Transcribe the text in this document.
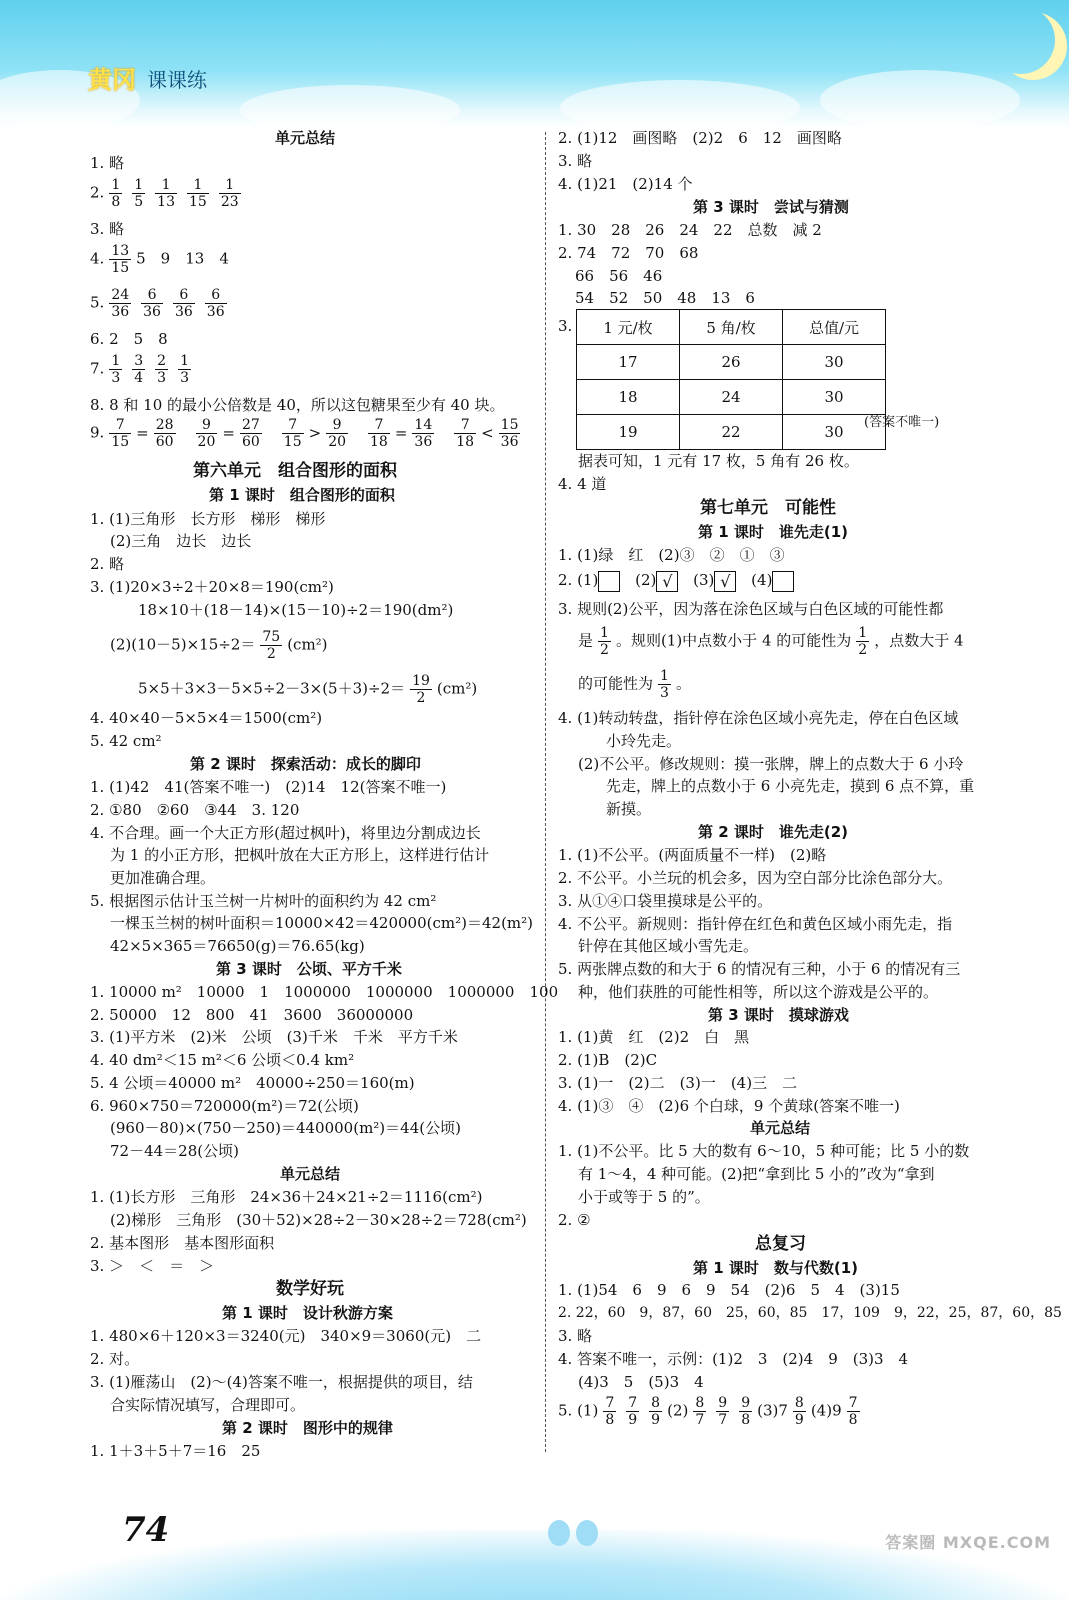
黄冈 课课练
单元总结
1. 略
2. $\frac{1}{8} \frac{1}{5} \frac{1}{13} \frac{1}{15} \frac{1}{23}$
3. 略
4. $\frac{13}{15} 5$　9　13　4
5. $\frac{24}{36} \frac{6}{36} \frac{6}{36} \frac{6}{36}$
6. 2　5　8
7. $\frac{1}{3} \frac{3}{4} \frac{2}{3} \frac{1}{3}$
8. 8 和 10 的最小公倍数是 40，所以这包糖果至少有 40 块。
9. $\frac{7}{15} = \frac{28}{60} \frac{9}{20} = \frac{27}{60} \frac{7}{15} > \frac{9}{20} \frac{7}{18} = \frac{14}{36} \frac{7}{18} < \frac{15}{36}$
第六单元　组合图形的面积
第 1 课时　组合图形的面积
1. (1)三角形　长方形　梯形　梯形
(2)三角　边长　边长
2. 略
3. (1)20×3÷2＋20×8＝190(cm²)
18×10＋(18－14)×(15－10)÷2＝190(dm²)
$(2)(10-5)\times 15\div 2= \frac{75}{2} (cm^2)$
$5\times 5+3\times 3-5\times 5\div 2-3\times(5+3)\div 2= \frac{19}{2} (cm^2)$
4. 40×40－5×5×4＝1500(cm²)
5. 42 cm²
第 2 课时　探索活动：成长的脚印
1. (1)42　41(答案不唯一)　(2)14　12(答案不唯一)
2. ①80　②60　③44　3. 120
4. 不合理。画一个大正方形(超过枫叶)，将里边分割成边长
为 1 的小正方形，把枫叶放在大正方形上，这样进行估计
更加准确合理。
5. 根据图示估计玉兰树一片树叶的面积约为 42 cm²
一棵玉兰树的树叶面积＝10000×42＝420000(cm²)＝42(m²)
42×5×365＝76650(g)＝76.65(kg)
第 3 课时　公顷、平方千米
1. 10000 m²　10000　1　1000000　1000000　1000000　100
2. 50000　12　800　41　3600　36000000
3. (1)平方米　(2)米　公顷　(3)千米　千米　平方千米
4. 40 dm²＜15 m²＜6 公顷＜0.4 km²
5. 4 公顷＝40000 m²　40000÷250＝160(m)
6. 960×750＝720000(m²)＝72(公顷)
(960－80)×(750－250)＝440000(m²)＝44(公顷)
72－44＝28(公顷)
单元总结
1. (1)长方形　三角形　24×36＋24×21÷2＝1116(cm²)
(2)梯形　三角形　(30＋52)×28÷2－30×28÷2＝728(cm²)
2. 基本图形　基本图形面积
3. ＞　＜　＝　＞
数学好玩
第 1 课时　设计秋游方案
1. 480×6＋120×3＝3240(元)　340×9＝3060(元)　二
2. 对。
3. (1)雁荡山　(2)～(4)答案不唯一，根据提供的项目，结
合实际情况填写，合理即可。
第 2 课时　图形中的规律
1. 1＋3＋5＋7＝16　25
2. (1)12　画图略　(2)2　6　12　画图略
3. 略
4. (1)21　(2)14 个
第 3 课时　尝试与猜测
1. 30　28　26　24　22　总数　减 2
2. 74　72　70　68
66　56　46
54　52　50　48　13　6
3. 1 元/枚	5 角/枚	总值/元
17	26	30
18	24	30
19	22	30
(答案不唯一)
据表可知，1 元有 17 枚，5 角有 26 枚。
4. 4 道
第七单元　可能性
第 1 课时　谁先走(1)
1. (1)绿　红　(2)③　②　①　③
2. (1) (2) √ (3) √ (4)
3. 规则(2)公平，因为落在涂色区域与白色区域的可能性都
是 $\frac{1}{2}$ 。规则(1)中点数小于 4 的可能性为 $\frac{1}{2}$ ，点数大于 4
的可能性为 $\frac{1}{3}$ 。
4. (1)转动转盘，指针停在涂色区域小亮先走，停在白色区域
小玲先走。
(2)不公平。修改规则：摸一张牌，牌上的点数大于 6 小玲
先走，牌上的点数小于 6 小亮先走，摸到 6 点不算，重
新摸。
第 2 课时　谁先走(2)
1. (1)不公平。(两面质量不一样)　(2)略
2. 不公平。小兰玩的机会多，因为空白部分比涂色部分大。
3. 从①④口袋里摸球是公平的。
4. 不公平。新规则：指针停在红色和黄色区域小雨先走，指
针停在其他区域小雪先走。
5. 两张牌点数的和大于 6 的情况有三种，小于 6 的情况有三
种，他们获胜的可能性相等，所以这个游戏是公平的。
第 3 课时　摸球游戏
1. (1)黄　红　(2)2　白　黑
2. (1)B　(2)C
3. (1)一　(2)二　(3)一　(4)三　二
4. (1)③　④　(2)6 个白球，9 个黄球(答案不唯一)
单元总结
1. (1)不公平。比 5 大的数有 6～10，5 种可能；比 5 小的数
有 1～4，4 种可能。(2)把“拿到比 5 小的”改为“拿到
小于或等于 5 的”。
2. ②
总复习
第 1 课时　数与代数(1)
1. (1)54　6　9　6　9　54　(2)6　5　4　(3)15
2. 22，60　9，87，60　25，60，85　17，109　9，22，25，87，60，85
3. 略
4. 答案不唯一，示例：(1)2　3　(2)4　9　(3)3　4
(4)3　5　(5)3　4
5. $(1) \frac{7}{8} \frac{7}{9} \frac{8}{9} (2) \frac{8}{7} \frac{9}{7} \frac{9}{8} (3)7 \frac{8}{9} (4)9 \frac{7}{8}$
74	答案圈 MXQE.COM
